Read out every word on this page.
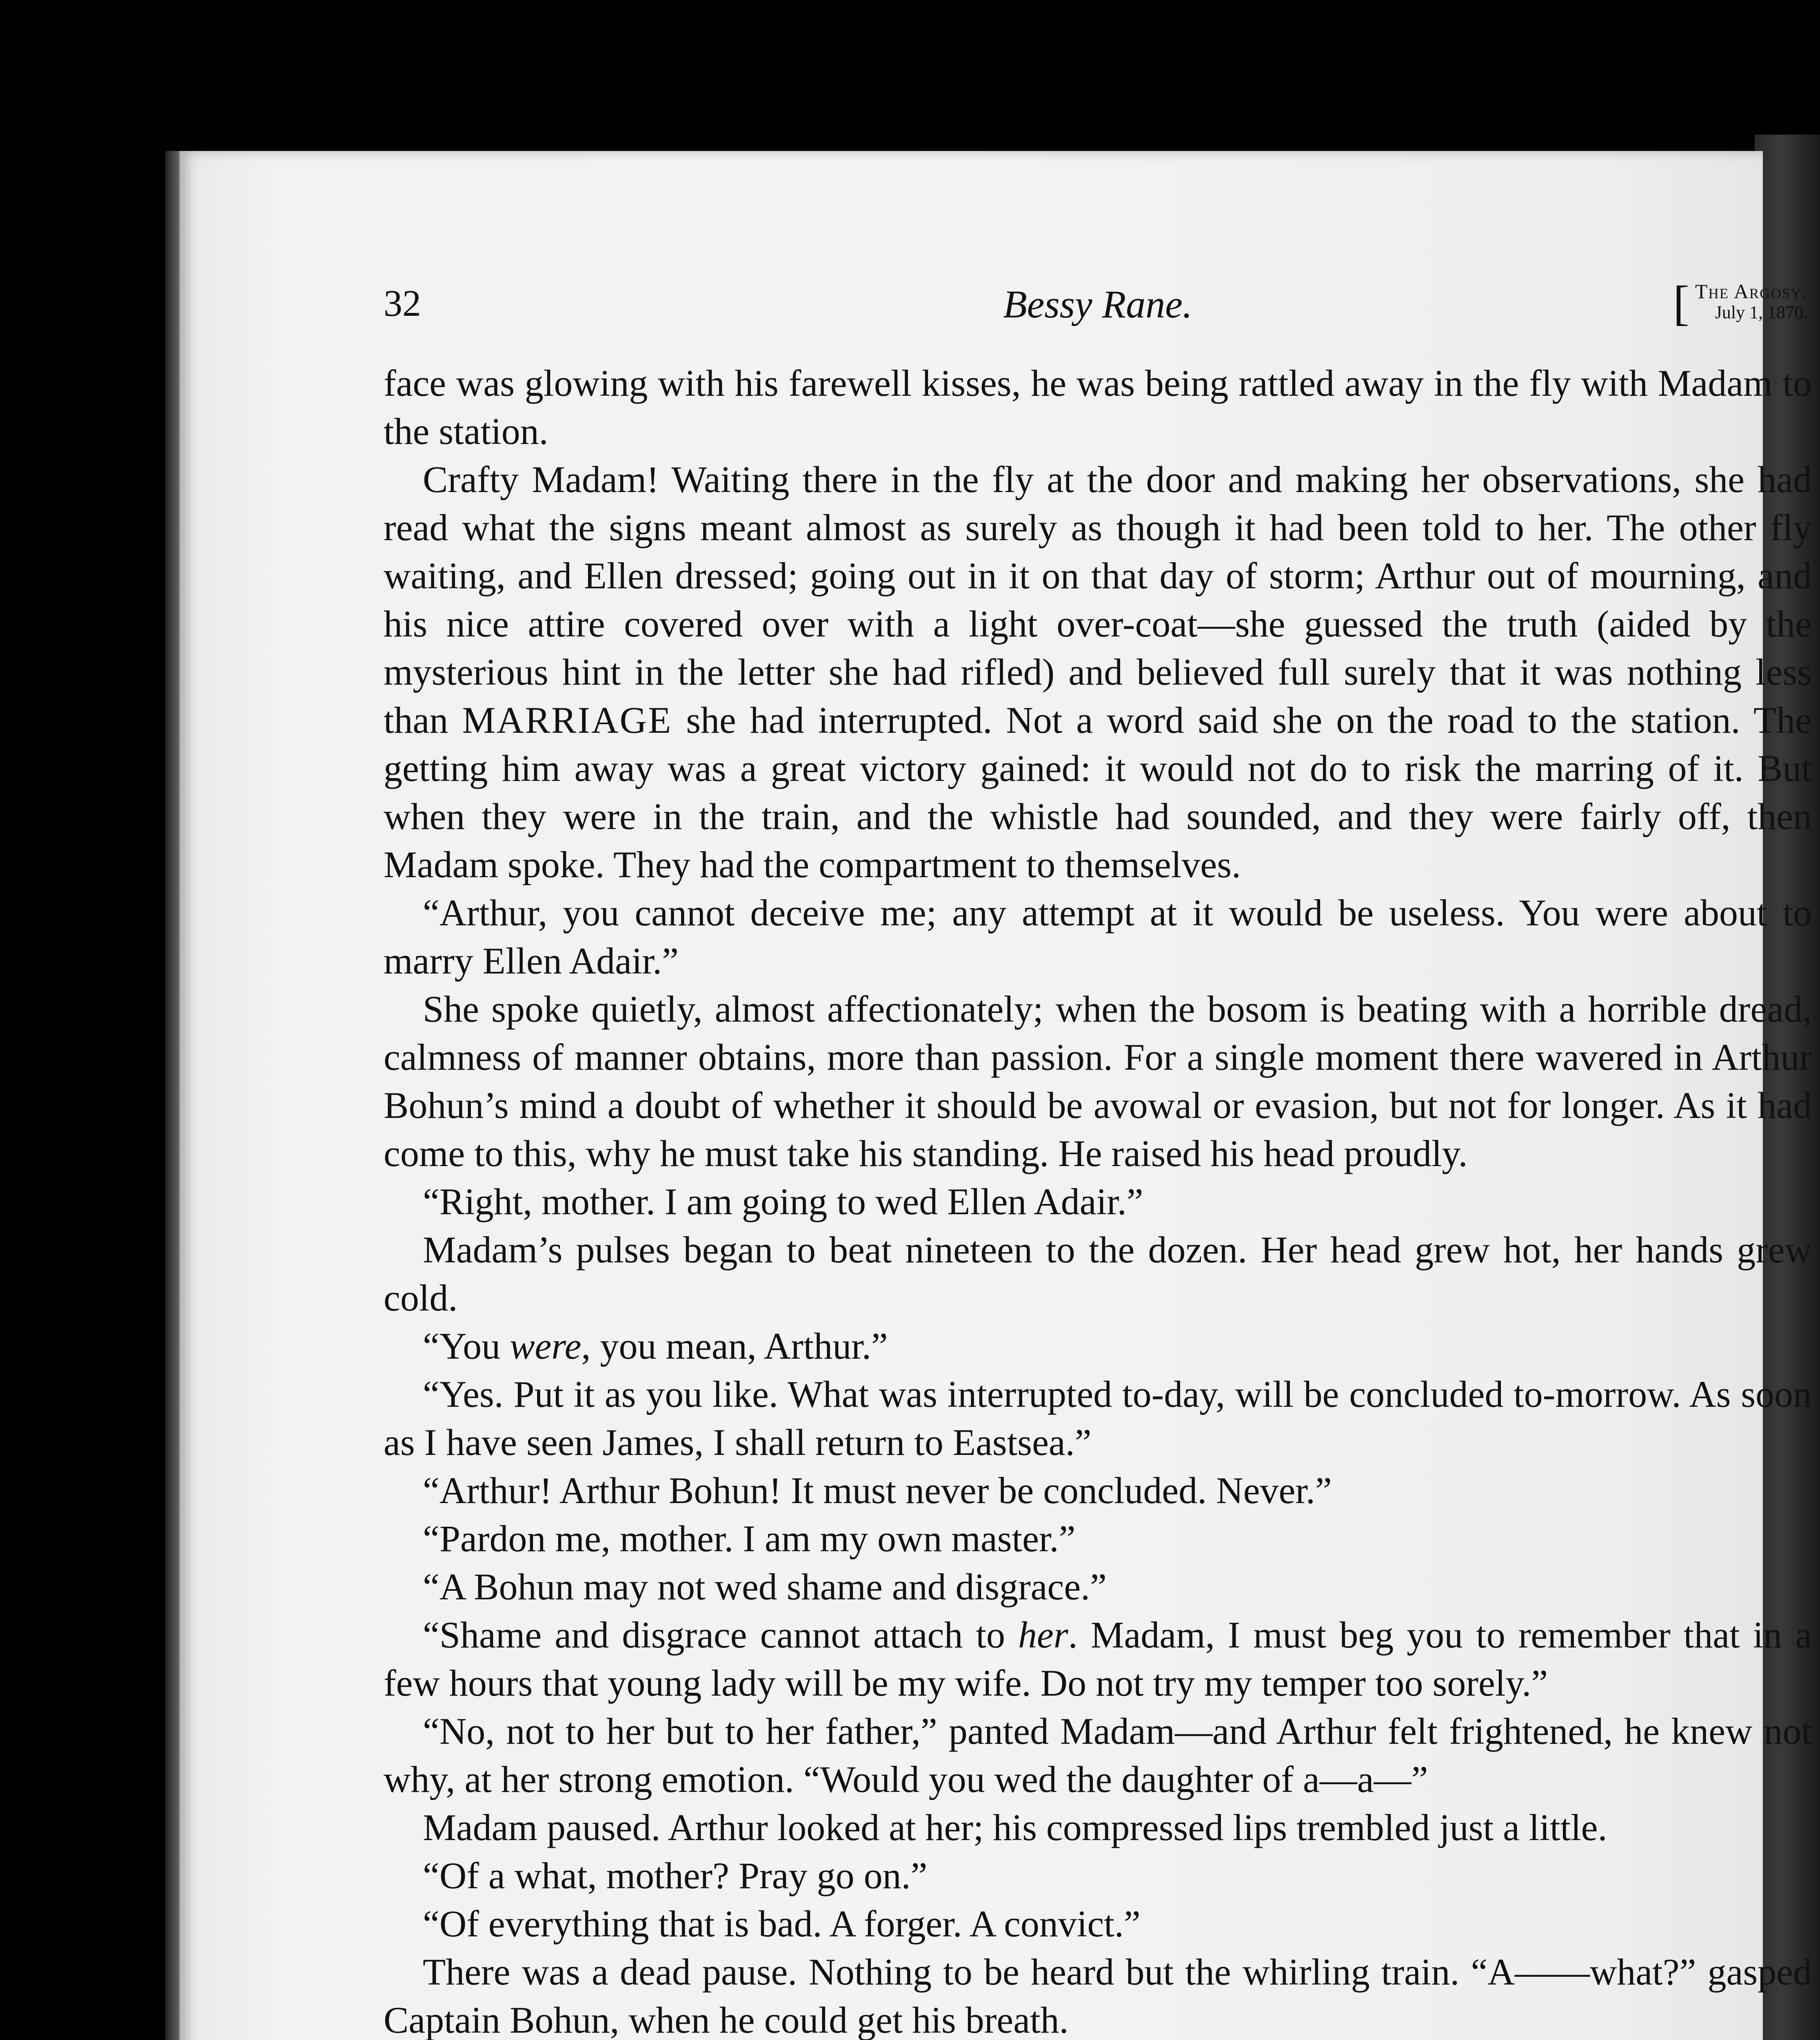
32	Bessy Rane.	[ The Argosy.
July 1, 1870.

face was glowing with his farewell kisses, he was being rattled away in the fly with Madam to the station.

Crafty Madam! Waiting there in the fly at the door and making her observations, she had read what the signs meant almost as surely as though it had been told to her. The other fly waiting, and Ellen dressed; going out in it on that day of storm; Arthur out of mourning, and his nice attire covered over with a light over-coat—she guessed the truth (aided by the mysterious hint in the letter she had rifled) and believed full surely that it was nothing less than MARRIAGE she had interrupted. Not a word said she on the road to the station. The getting him away was a great victory gained: it would not do to risk the marring of it. But when they were in the train, and the whistle had sounded, and they were fairly off, then Madam spoke. They had the compartment to themselves.

“Arthur, you cannot deceive me; any attempt at it would be useless. You were about to marry Ellen Adair.”

She spoke quietly, almost affectionately; when the bosom is beating with a horrible dread, calmness of manner obtains, more than passion. For a single moment there wavered in Arthur Bohun’s mind a doubt of whether it should be avowal or evasion, but not for longer. As it had come to this, why he must take his standing. He raised his head proudly.

“Right, mother. I am going to wed Ellen Adair.”

Madam’s pulses began to beat nineteen to the dozen. Her head grew hot, her hands grew cold.

“You were, you mean, Arthur.”

“Yes. Put it as you like. What was interrupted to-day, will be concluded to-morrow. As soon as I have seen James, I shall return to Eastsea.”

“Arthur! Arthur Bohun! It must never be concluded. Never.”

“Pardon me, mother. I am my own master.”

“A Bohun may not wed shame and disgrace.”

“Shame and disgrace cannot attach to her. Madam, I must beg you to remember that in a few hours that young lady will be my wife. Do not try my temper too sorely.”

“No, not to her but to her father,” panted Madam—and Arthur felt frightened, he knew not why, at her strong emotion. “Would you wed the daughter of a—a—”

Madam paused. Arthur looked at her; his compressed lips trembled just a little.

“Of a what, mother? Pray go on.”

“Of everything that is bad. A forger. A convict.”

There was a dead pause. Nothing to be heard but the whirling train. “A——what?” gasped Captain Bohun, when he could get his breath.
